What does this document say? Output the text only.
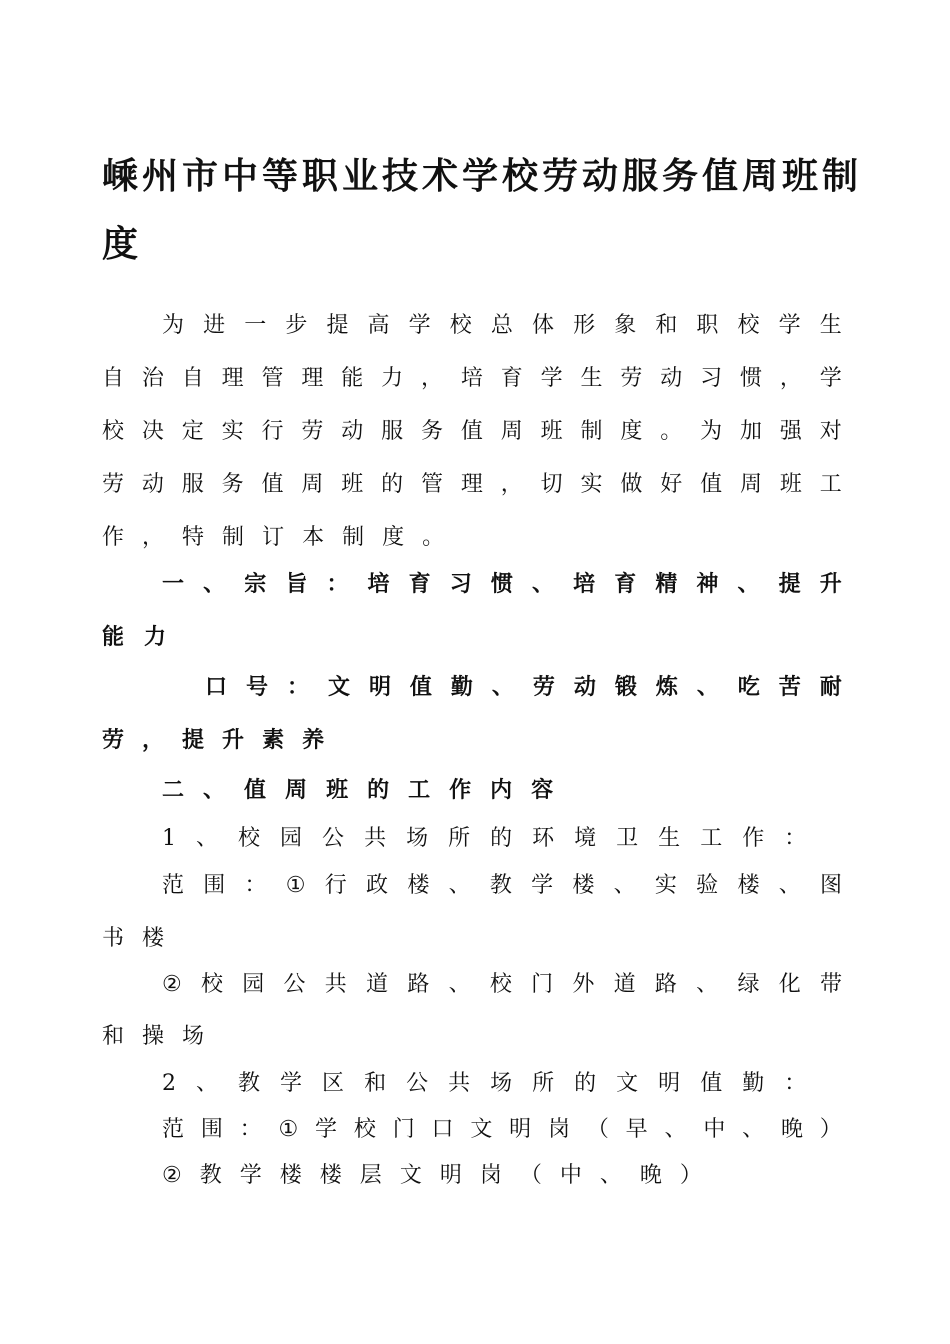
嵊州市中等职业技术学校劳动服务值周班制
度
为 进 一 步 提 高 学 校 总 体 形 象 和 职 校 学 生
自 治 自 理 管 理 能 力 ， 培 育 学 生 劳 动 习 惯 ， 学
校 决 定 实 行 劳 动 服 务 值 周 班 制 度 。 为 加 强 对
劳 动 服 务 值 周 班 的 管 理 ， 切 实 做 好 值 周 班 工
作 ， 特 制 订 本 制 度 。
一 、 宗 旨 ： 培 育 习 惯 、 培 育 精 神 、 提 升
能 力
口 号 ： 文 明 值 勤 、 劳 动 锻 炼 、 吃 苦 耐
劳 ， 提 升 素 养
二 、 值 周 班 的 工 作 内 容
1 、 校 园 公 共 场 所 的 环 境 卫 生 工 作 ：
范 围 ： ① 行 政 楼 、 教 学 楼 、 实 验 楼 、 图
书 楼
② 校 园 公 共 道 路 、 校 门 外 道 路 、 绿 化 带
和 操 场
2 、 教 学 区 和 公 共 场 所 的 文 明 值 勤 ：
范 围 ： ① 学 校 门 口 文 明 岗 （ 早 、 中 、 晚 ）
② 教 学 楼 楼 层 文 明 岗 （ 中 、 晚 ）
